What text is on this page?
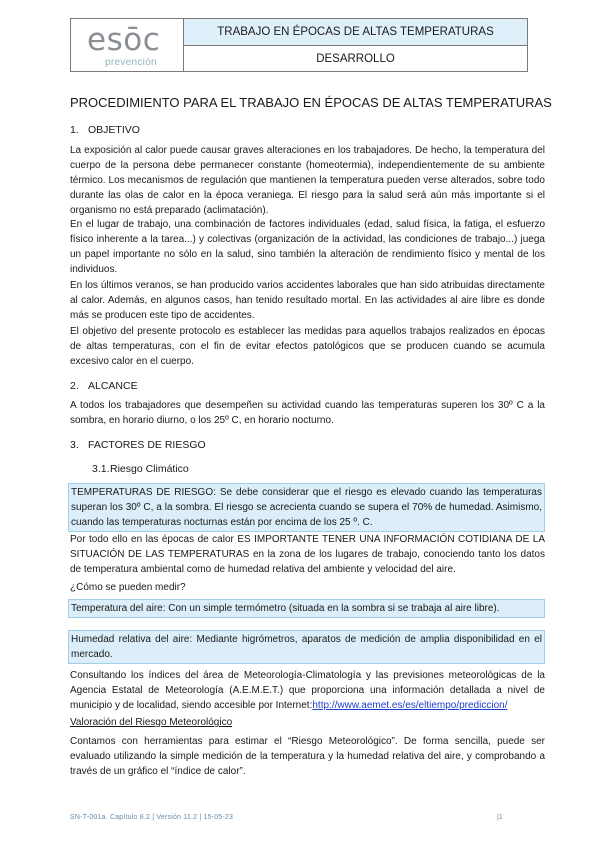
esōc
prevención
	TRABAJO EN ÉPOCAS DE ALTAS TEMPERATURAS
DESARROLLO
PROCEDIMIENTO PARA EL TRABAJO EN ÉPOCAS DE ALTAS TEMPERATURAS
1. OBJETIVO

La exposición al calor puede causar graves alteraciones en los trabajadores. De hecho, la temperatura del cuerpo de la persona debe permanecer constante (homeotermia), independientemente de su ambiente térmico. Los mecanismos de regulación que mantienen la temperatura pueden verse alterados, sobre todo durante las olas de calor en la época veraniega. El riesgo para la salud será aún más importante si el organismo no está preparado (aclimatación).

En el lugar de trabajo, una combinación de factores individuales (edad, salud física, la fatiga, el esfuerzo físico inherente a la tarea...) y colectivas (organización de la actividad, las condiciones de trabajo...) juega un papel importante no sólo en la salud, sino también la alteración de rendimiento físico y mental de los individuos.

En los últimos veranos, se han producido varios accidentes laborales que han sido atribuidas directamente al calor. Además, en algunos casos, han tenido resultado mortal. En las actividades al aire libre es donde más se producen este tipo de accidentes.

El objetivo del presente protocolo es establecer las medidas para aquellos trabajos realizados en épocas de altas temperaturas, con el fin de evitar efectos patológicos que se producen cuando se acumula excesivo calor en el cuerpo.

2. ALCANCE

A todos los trabajadores que desempeñen su actividad cuando las temperaturas superen los 30º C a la sombra, en horario diurno, o los 25º C, en horario nocturno.

3. FACTORES DE RIESGO
3.1.Riesgo Climático
TEMPERATURAS DE RIESGO: Se debe considerar que el riesgo es elevado cuando las temperaturas superan los 30º C, a la sombra. El riesgo se acrecienta cuando se supera el 70% de humedad. Asimismo, cuando las temperaturas nocturnas están por encima de los 25 º. C.

Por todo ello en las épocas de calor ES IMPORTANTE TENER UNA INFORMACIÓN COTIDIANA DE LA SITUACIÓN DE LAS TEMPERATURAS en la zona de los lugares de trabajo, conociendo tanto los datos de temperatura ambiental como de humedad relativa del ambiente y velocidad del aire.

¿Cómo se pueden medir?

Temperatura del aire: Con un simple termómetro (situada en la sombra si se trabaja al aire libre).
Humedad relativa del aire: Mediante higrómetros, aparatos de medición de amplia disponibilidad en el mercado.

Consultando los índices del área de Meteorología-Climatología y las previsiones meteorológicas de la Agencia Estatal de Meteorología (A.E.M.E.T.) que proporciona una información detallada a nivel de municipio y de localidad, siendo accesible por Internet:http://www.aemet.es/es/eltiempo/prediccion/

Valoración del Riesgo Meteorológico

Contamos con herramientas para estimar el “Riesgo Meteorológico”. De forma sencilla, puede ser evaluado utilizando la simple medición de la temperatura y la humedad relativa del aire, y comprobando a través de un gráfico el “índice de calor”.

SN-T-001a. Capítulo 8.2 | Versión 11.2 | 15-05-23	|1
